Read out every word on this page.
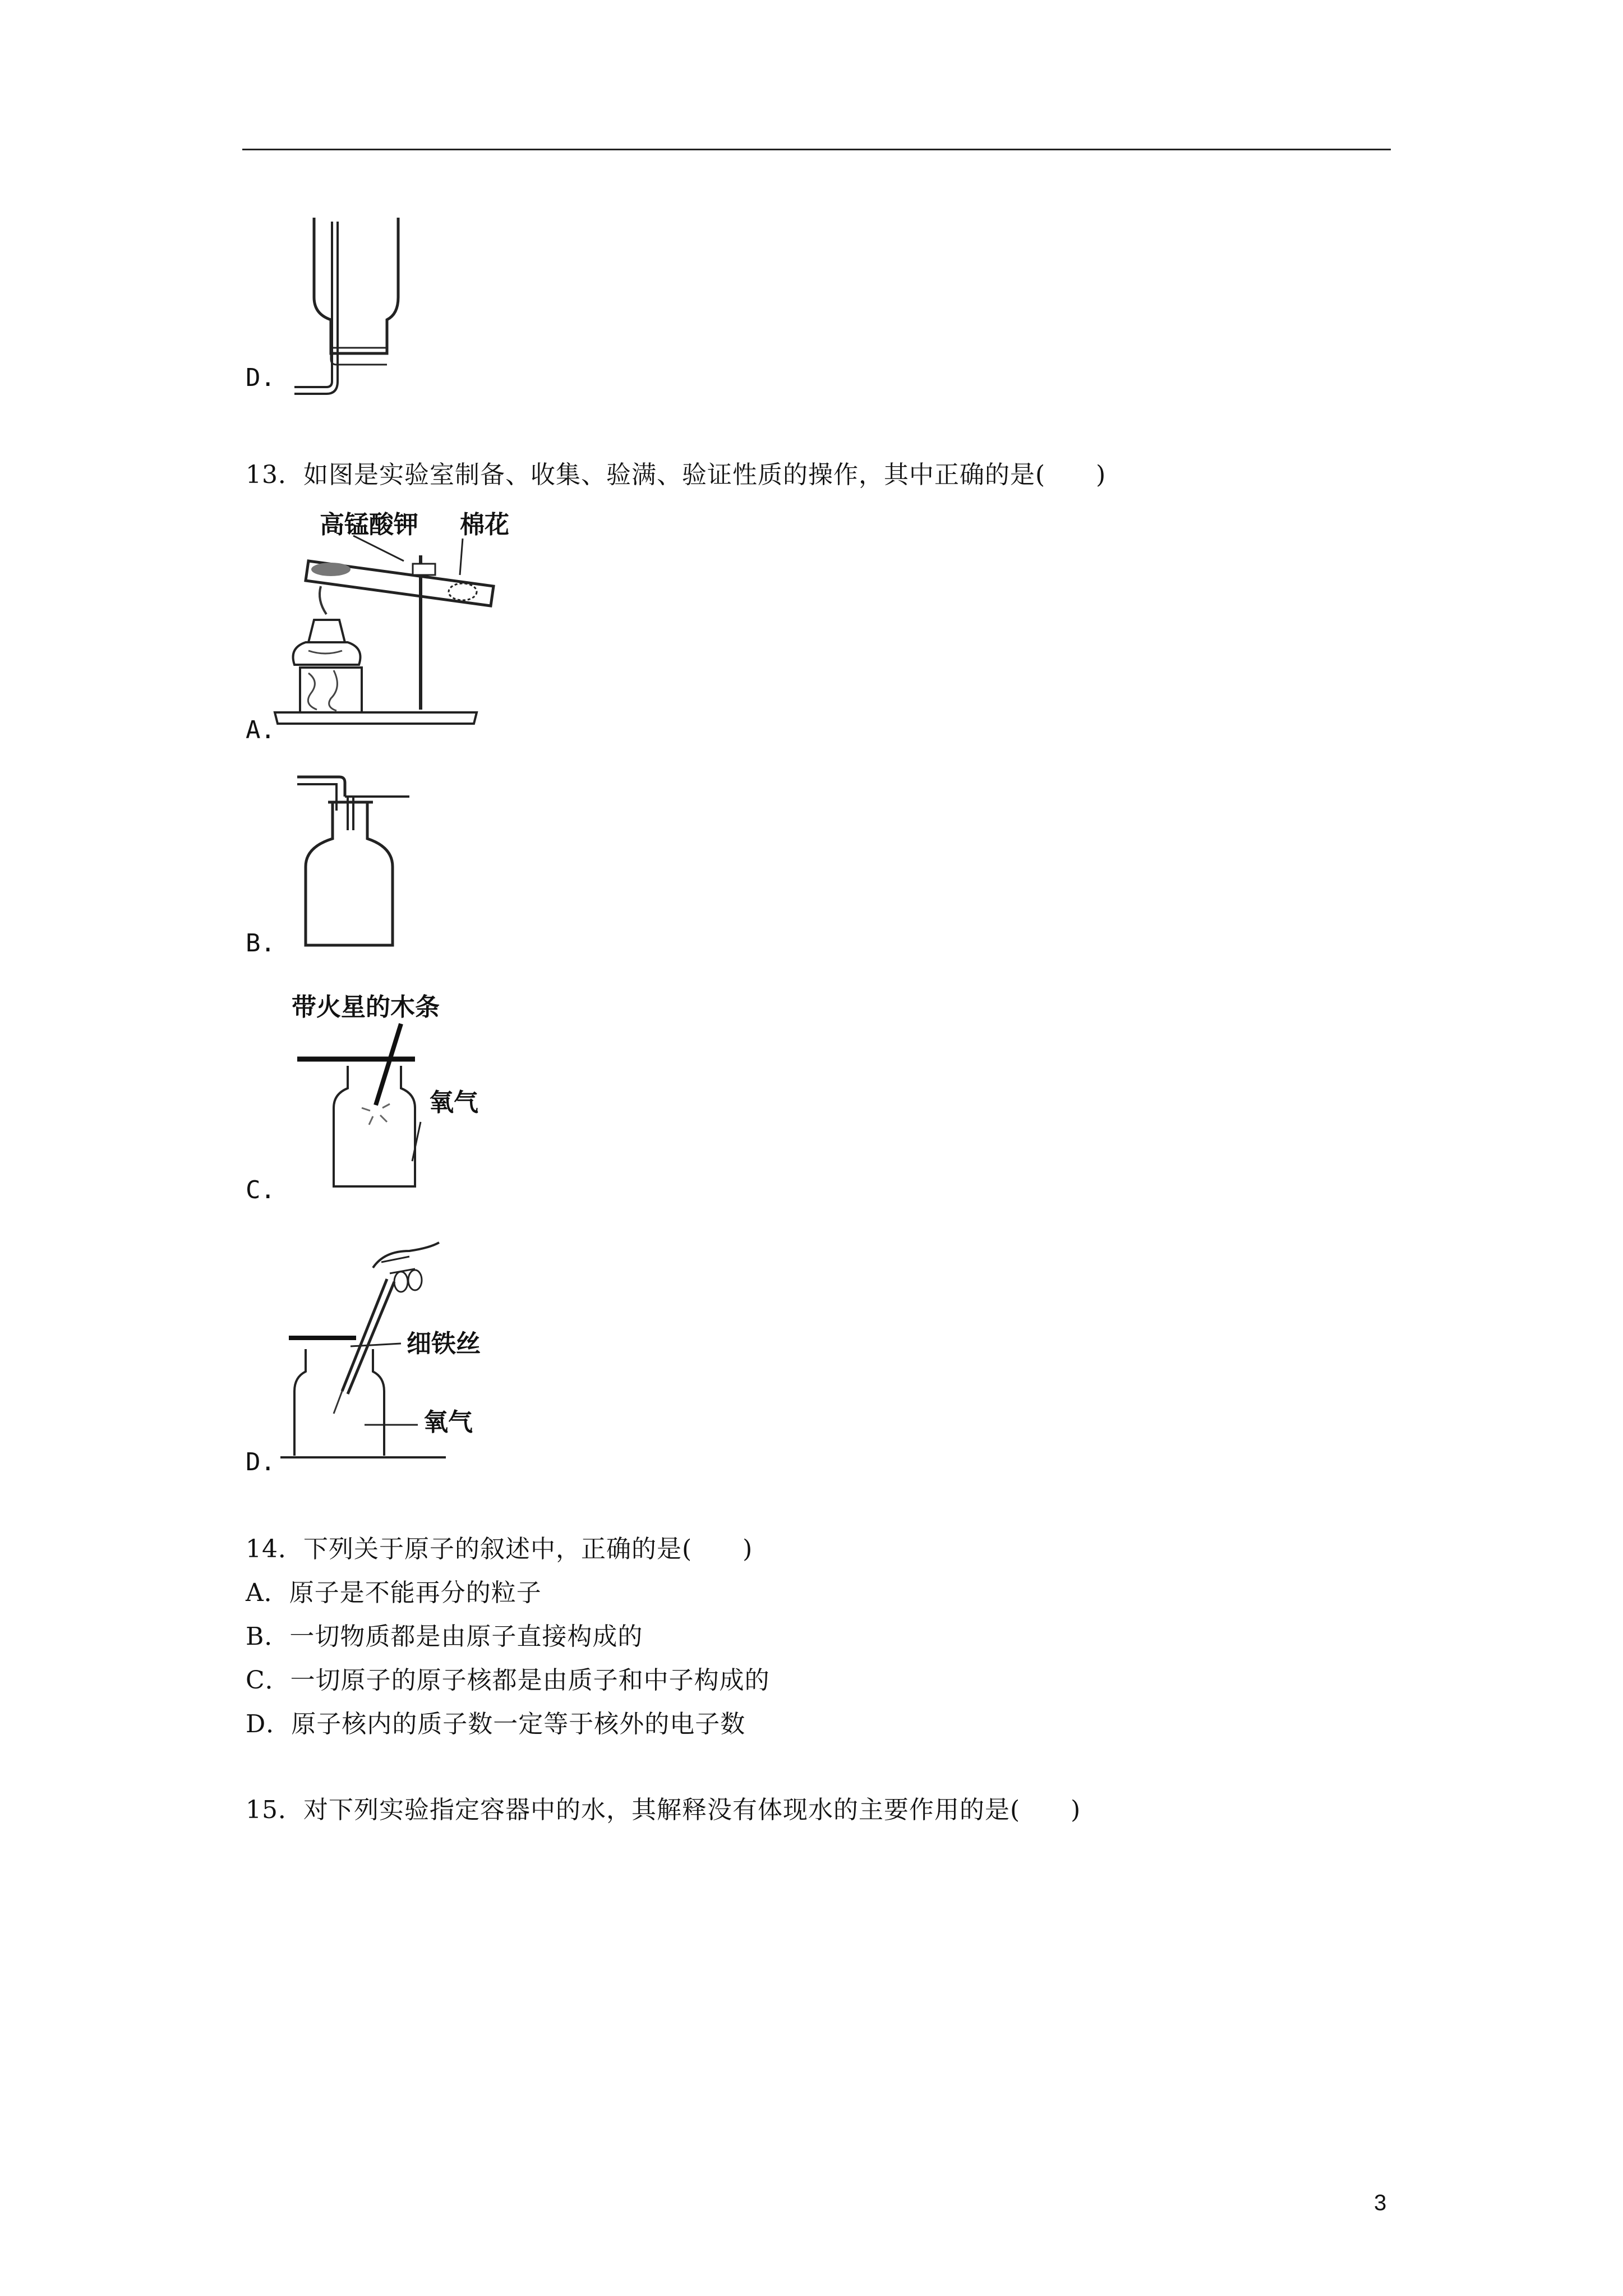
D.
13．如图是实验室制备、收集、验满、验证性质的操作，其中正确的是(　　)
高锰酸钾 棉花
A.
B.
带火星的木条
氧气
C.
细铁丝
氧气
D.
14．下列关于原子的叙述中，正确的是(　　)
A．原子是不能再分的粒子
B．一切物质都是由原子直接构成的
C．一切原子的原子核都是由质子和中子构成的
D．原子核内的质子数一定等于核外的电子数
15．对下列实验指定容器中的水，其解释没有体现水的主要作用的是(　　)
3
